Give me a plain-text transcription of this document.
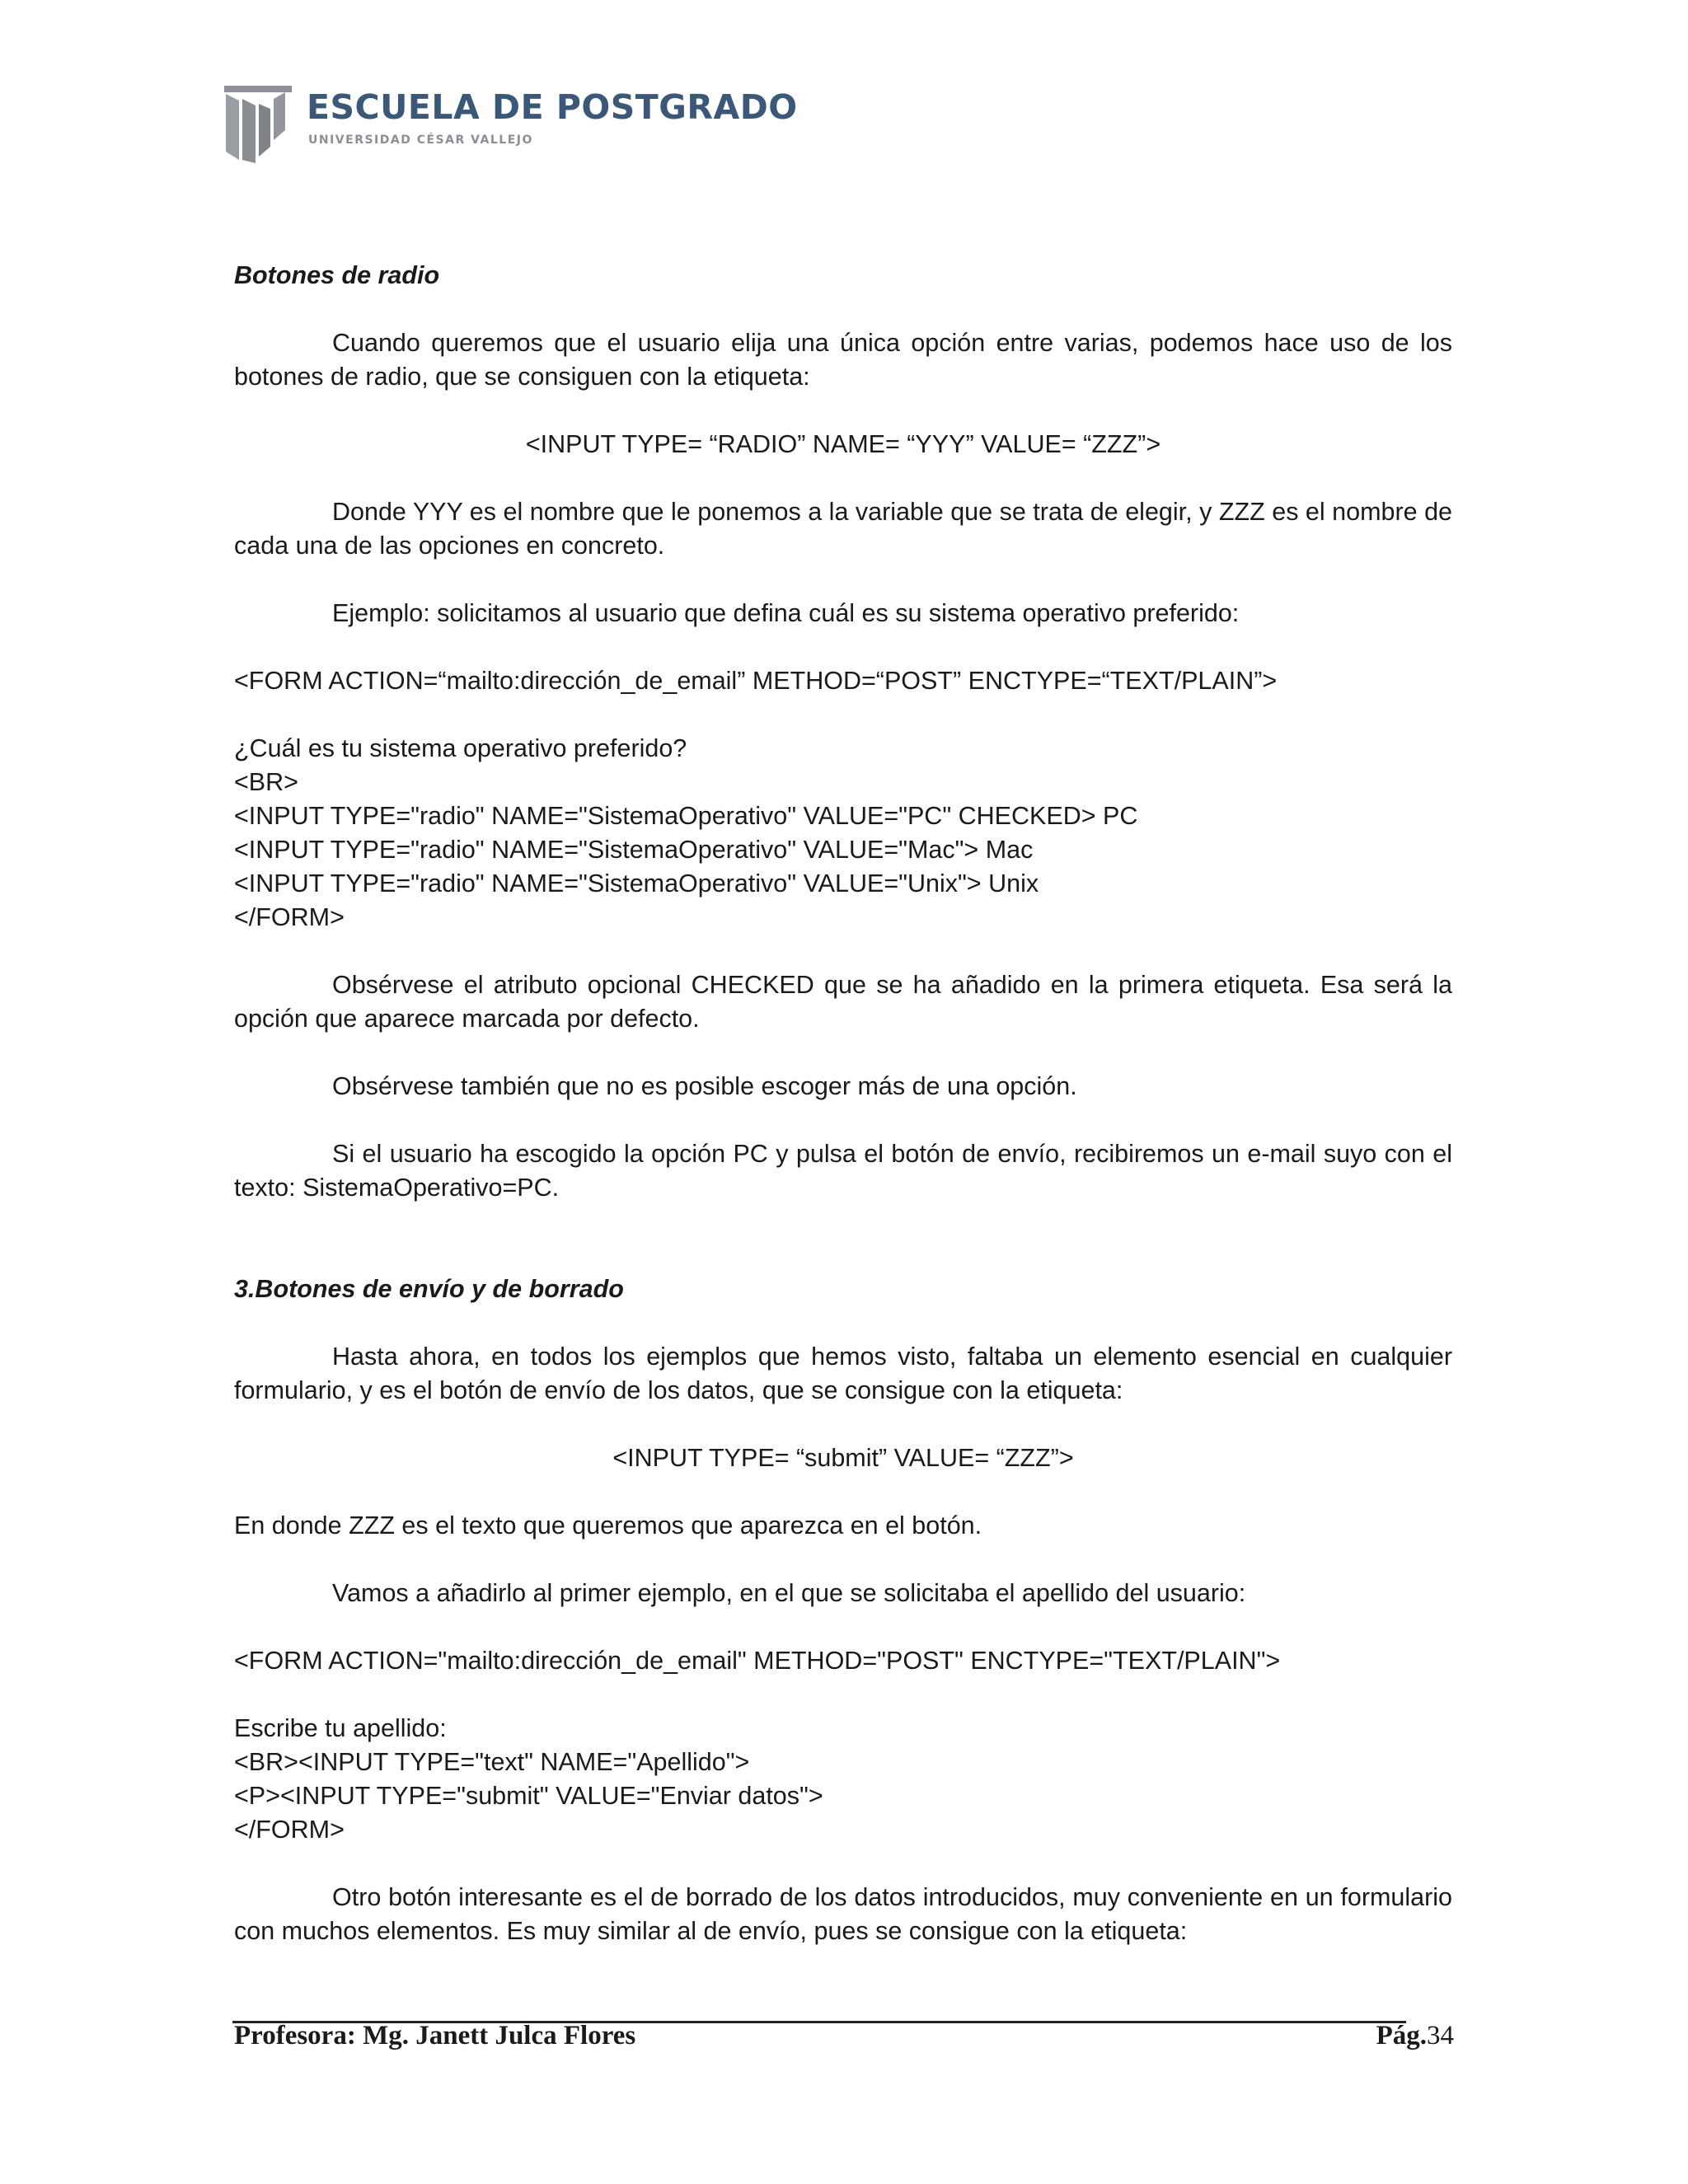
ESCUELA DE POSTGRADO
UNIVERSIDAD CÉSAR VALLEJO

Botones de radio

Cuando queremos que el usuario elija una única opción entre varias, podemos hace uso de los botones de radio, que se consiguen con la etiqueta:

<INPUT TYPE= “RADIO” NAME= “YYY” VALUE= “ZZZ”>

Donde YYY es el nombre que le ponemos a la variable que se trata de elegir, y ZZZ es el nombre de cada una de las opciones en concreto.

Ejemplo: solicitamos al usuario que defina cuál es su sistema operativo preferido:

<FORM ACTION=“mailto:dirección_de_email” METHOD=“POST” ENCTYPE=“TEXT/PLAIN”>

¿Cuál es tu sistema operativo preferido?
<BR>
<INPUT TYPE="radio" NAME="SistemaOperativo" VALUE="PC" CHECKED> PC
<INPUT TYPE="radio" NAME="SistemaOperativo" VALUE="Mac"> Mac
<INPUT TYPE="radio" NAME="SistemaOperativo" VALUE="Unix"> Unix
</FORM>

Obsérvese el atributo opcional CHECKED que se ha añadido en la primera etiqueta. Esa será la opción que aparece marcada por defecto.

Obsérvese también que no es posible escoger más de una opción.

Si el usuario ha escogido la opción PC y pulsa el botón de envío, recibiremos un e-mail suyo con el texto: SistemaOperativo=PC.

3.Botones de envío y de borrado

Hasta ahora, en todos los ejemplos que hemos visto, faltaba un elemento esencial en cualquier formulario, y es el botón de envío de los datos, que se consigue con la etiqueta:

<INPUT TYPE= “submit” VALUE= “ZZZ”>

En donde ZZZ es el texto que queremos que aparezca en el botón.

Vamos a añadirlo al primer ejemplo, en el que se solicitaba el apellido del usuario:

<FORM ACTION="mailto:dirección_de_email" METHOD="POST" ENCTYPE="TEXT/PLAIN">

Escribe tu apellido:
<BR><INPUT TYPE="text" NAME="Apellido">
<P><INPUT TYPE="submit" VALUE="Enviar datos">
</FORM>

Otro botón interesante es el de borrado de los datos introducidos, muy conveniente en un formulario con muchos elementos. Es muy similar al de envío, pues se consigue con la etiqueta:

Profesora: Mg. Janett Julca Flores	Pág.34
